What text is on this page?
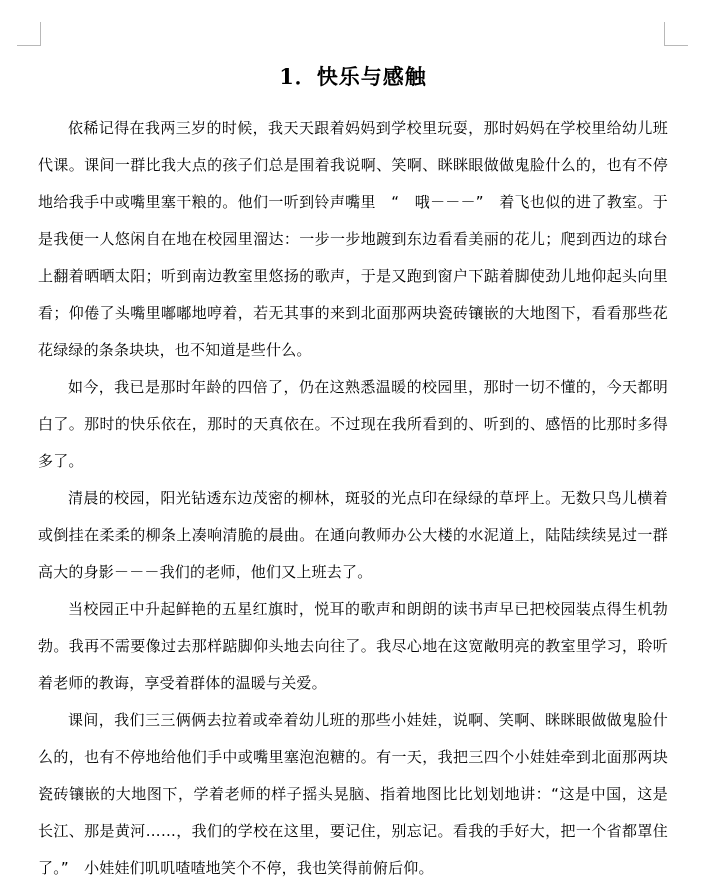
1．快乐与感触

依稀记得在我两三岁的时候，我天天跟着妈妈到学校里玩耍，那时妈妈在学校里给幼儿班代课。课间一群比我大点的孩子们总是围着我说啊、笑啊、眯眯眼做做鬼脸什么的，也有不停地给我手中或嘴里塞干粮的。他们一听到铃声嘴里　“　哦－－－”　着飞也似的进了教室。于是我便一人悠闲自在地在校园里溜达：一步一步地踱到东边看看美丽的花儿；爬到西边的球台上翻着晒晒太阳；听到南边教室里悠扬的歌声，于是又跑到窗户下踮着脚使劲儿地仰起头向里看；仰倦了头嘴里嘟嘟地哼着，若无其事的来到北面那两块瓷砖镶嵌的大地图下，看看那些花花绿绿的条条块块，也不知道是些什么。

如今，我已是那时年龄的四倍了，仍在这熟悉温暖的校园里，那时一切不懂的，今天都明白了。那时的快乐依在，那时的天真依在。不过现在我所看到的、听到的、感悟的比那时多得多了。

清晨的校园，阳光钻透东边茂密的柳林，斑驳的光点印在绿绿的草坪上。无数只鸟儿横着或倒挂在柔柔的柳条上凑响清脆的晨曲。在通向教师办公大楼的水泥道上，陆陆续续晃过一群高大的身影－－－我们的老师，他们又上班去了。

当校园正中升起鲜艳的五星红旗时，悦耳的歌声和朗朗的读书声早已把校园装点得生机勃勃。我再不需要像过去那样踮脚仰头地去向往了。我尽心地在这宽敞明亮的教室里学习，聆听着老师的教诲，享受着群体的温暖与关爱。

课间，我们三三俩俩去拉着或牵着幼儿班的那些小娃娃，说啊、笑啊、眯眯眼做做鬼脸什么的，也有不停地给他们手中或嘴里塞泡泡糖的。有一天，我把三四个小娃娃牵到北面那两块瓷砖镶嵌的大地图下，学着老师的样子摇头晃脑、指着地图比比划划地讲：“这是中国，这是长江、那是黄河……，我们的学校在这里，要记住，别忘记。看我的手好大，把一个省都罩住了。”　小娃娃们叽叽喳喳地笑个不停，我也笑得前俯后仰。
